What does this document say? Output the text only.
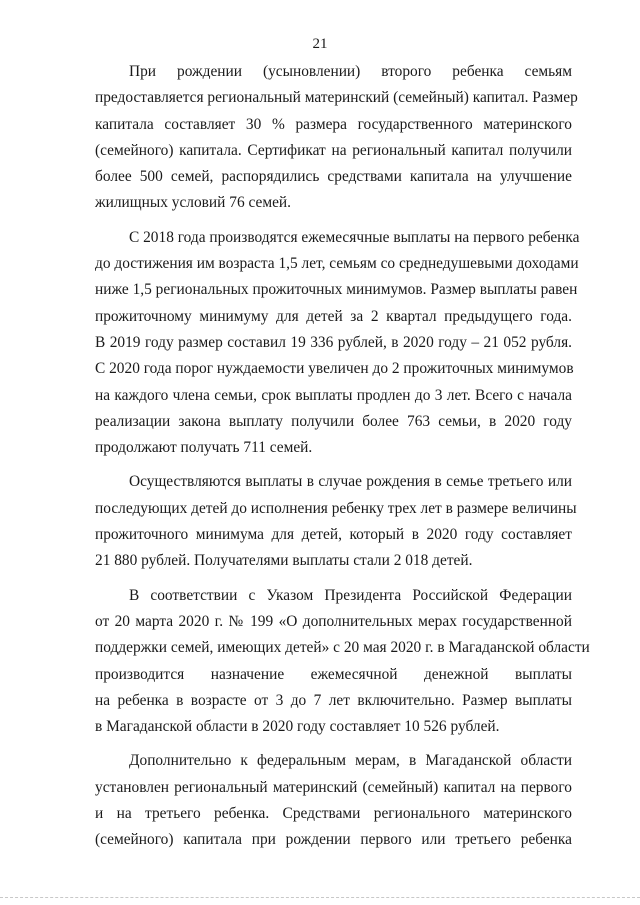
21

При рождении (усыновлении) второго ребенка семьям
предоставляется региональный материнский (семейный) капитал. Размер
капитала составляет 30 % размера государственного материнского
(семейного) капитала. Сертификат на региональный капитал получили
более 500 семей, распорядились средствами капитала на улучшение
жилищных условий 76 семей.

С 2018 года производятся ежемесячные выплаты на первого ребенка
до достижения им возраста 1,5 лет, семьям со среднедушевыми доходами
ниже 1,5 региональных прожиточных минимумов. Размер выплаты равен
прожиточному минимуму для детей за 2 квартал предыдущего года.
В 2019 году размер составил 19 336 рублей, в 2020 году – 21 052 рубля.
С 2020 года порог нуждаемости увеличен до 2 прожиточных минимумов
на каждого члена семьи, срок выплаты продлен до 3 лет. Всего с начала
реализации закона выплату получили более 763 семьи, в 2020 году
продолжают получать 711 семей.

Осуществляются выплаты в случае рождения в семье третьего или
последующих детей до исполнения ребенку трех лет в размере величины
прожиточного минимума для детей, который в 2020 году составляет
21 880 рублей. Получателями выплаты стали 2 018 детей.

В соответствии с Указом Президента Российской Федерации
от 20 марта 2020 г. № 199 «О дополнительных мерах государственной
поддержки семей, имеющих детей» с 20 мая 2020 г. в Магаданской области
производится назначение ежемесячной денежной выплаты
на ребенка в возрасте от 3 до 7 лет включительно. Размер выплаты
в Магаданской области в 2020 году составляет 10 526 рублей.

Дополнительно к федеральным мерам, в Магаданской области
установлен региональный материнский (семейный) капитал на первого
и на третьего ребенка. Средствами регионального материнского
(семейного) капитала при рождении первого или третьего ребенка
